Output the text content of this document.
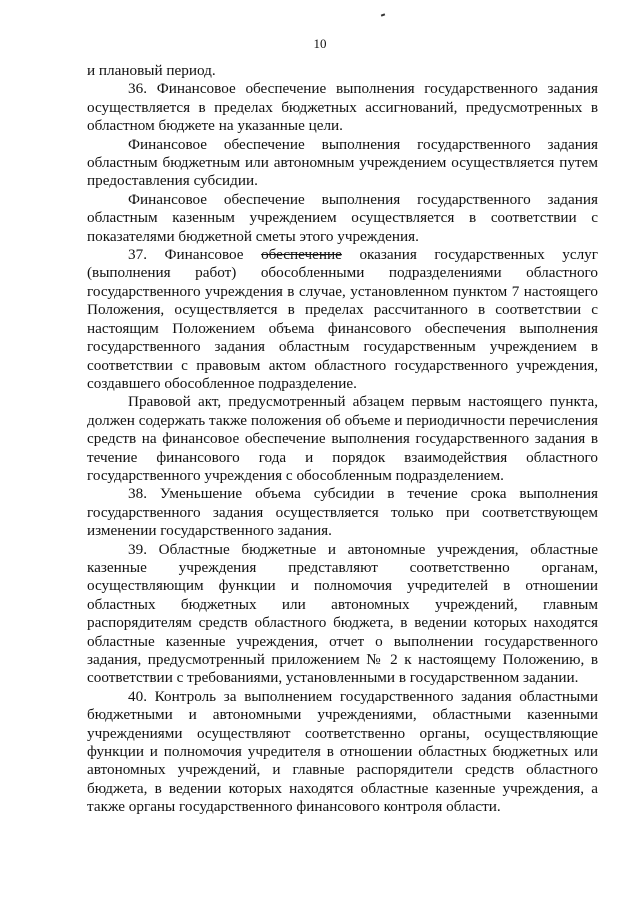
10

и плановый период.

36. Финансовое обеспечение выполнения государственного задания осуществляется в пределах бюджетных ассигнований, предусмотренных в областном бюджете на указанные цели.

Финансовое обеспечение выполнения государственного задания областным бюджетным или автономным учреждением осуществляется путем предоставления субсидии.

Финансовое обеспечение выполнения государственного задания областным казенным учреждением осуществляется в соответствии с показателями бюджетной сметы этого учреждения.

37. Финансовое обеспечение оказания государственных услуг (выполнения работ) обособленными подразделениями областного государственного учреждения в случае, установленном пунктом 7 настоящего Положения, осуществляется в пределах рассчитанного в соответствии с настоящим Положением объема финансового обеспечения выполнения государственного задания областным государственным учреждением в соответствии с правовым актом областного государственного учреждения, создавшего обособленное подразделение.

Правовой акт, предусмотренный абзацем первым настоящего пункта, должен содержать также положения об объеме и периодичности перечисления средств на финансовое обеспечение выполнения государственного задания в течение финансового года и порядок взаимодействия областного государственного учреждения с обособленным подразделением.

38. Уменьшение объема субсидии в течение срока выполнения государственного задания осуществляется только при соответствующем изменении государственного задания.

39. Областные бюджетные и автономные учреждения, областные казенные учреждения представляют соответственно органам, осуществляющим функции и полномочия учредителей в отношении областных бюджетных или автономных учреждений, главным распорядителям средств областного бюджета, в ведении которых находятся областные казенные учреждения, отчет о выполнении государственного задания, предусмотренный приложением № 2 к настоящему Положению, в соответствии с требованиями, установленными в государственном задании.

40. Контроль за выполнением государственного задания областными бюджетными и автономными учреждениями, областными казенными учреждениями осуществляют соответственно органы, осуществляющие функции и полномочия учредителя в отношении областных бюджетных или автономных учреждений, и главные распорядители средств областного бюджета, в ведении которых находятся областные казенные учреждения, а также органы государственного финансового контроля области.
